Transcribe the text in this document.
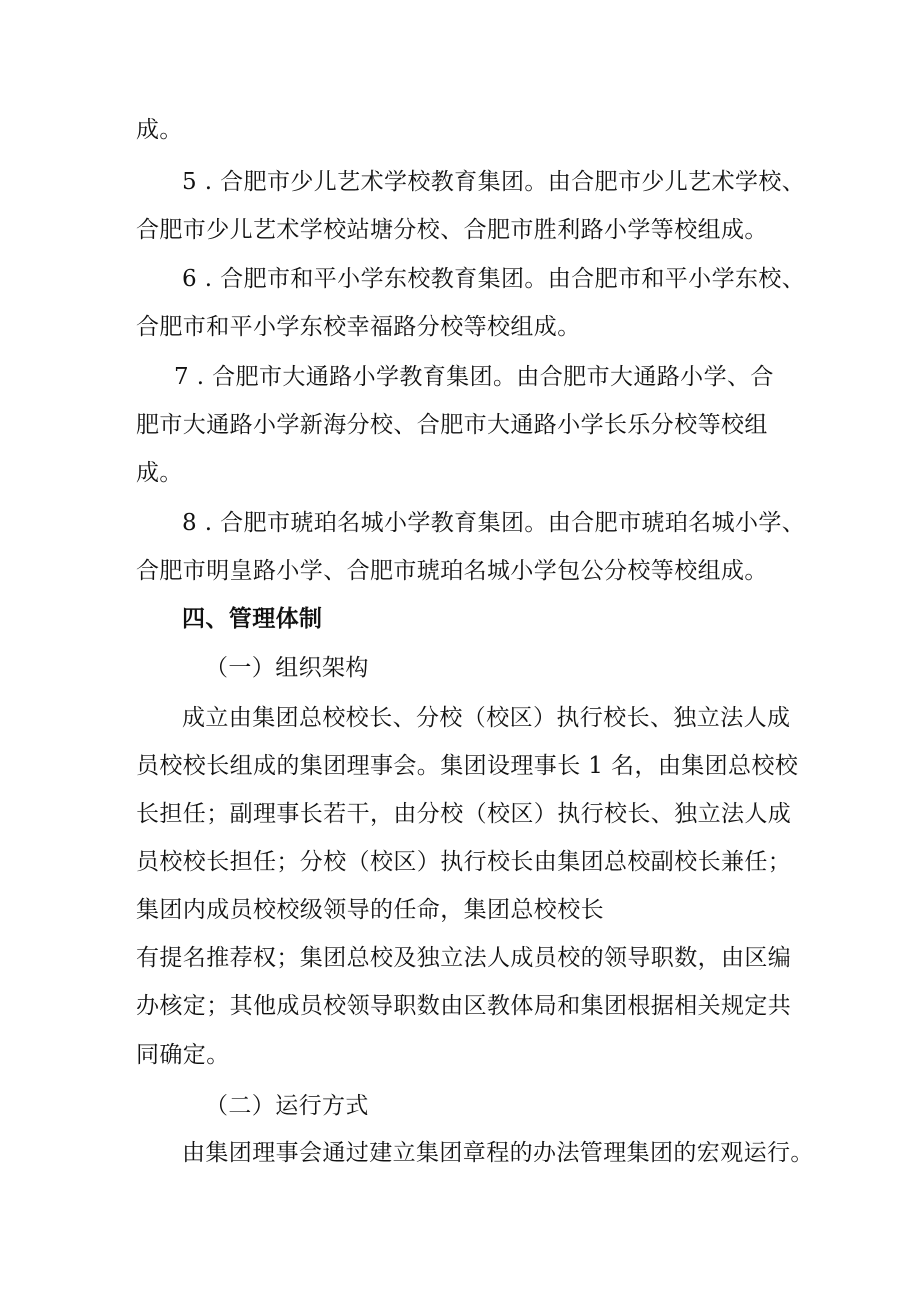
成。
5 . 合肥市少儿艺术学校教育集团。由合肥市少儿艺术学校、
合肥市少儿艺术学校站塘分校、合肥市胜利路小学等校组成。
6 . 合肥市和平小学东校教育集团。由合肥市和平小学东校、
合肥市和平小学东校幸福路分校等校组成。
7 . 合肥市大通路小学教育集团。由合肥市大通路小学、合
肥市大通路小学新海分校、合肥市大通路小学长乐分校等校组
成。
8 . 合肥市琥珀名城小学教育集团。由合肥市琥珀名城小学、
合肥市明皇路小学、合肥市琥珀名城小学包公分校等校组成。
四、管理体制
（一）组织架构
成立由集团总校校长、分校（校区）执行校长、独立法人成
员校校长组成的集团理事会。集团设理事长 1 名，由集团总校校
长担任；副理事长若干，由分校（校区）执行校长、独立法人成
员校校长担任；分校（校区）执行校长由集团总校副校长兼任；
集团内成员校校级领导的任命，集团总校校长
有提名推荐权；集团总校及独立法人成员校的领导职数，由区编
办核定；其他成员校领导职数由区教体局和集团根据相关规定共
同确定。
（二）运行方式
由集团理事会通过建立集团章程的办法管理集团的宏观运行。
